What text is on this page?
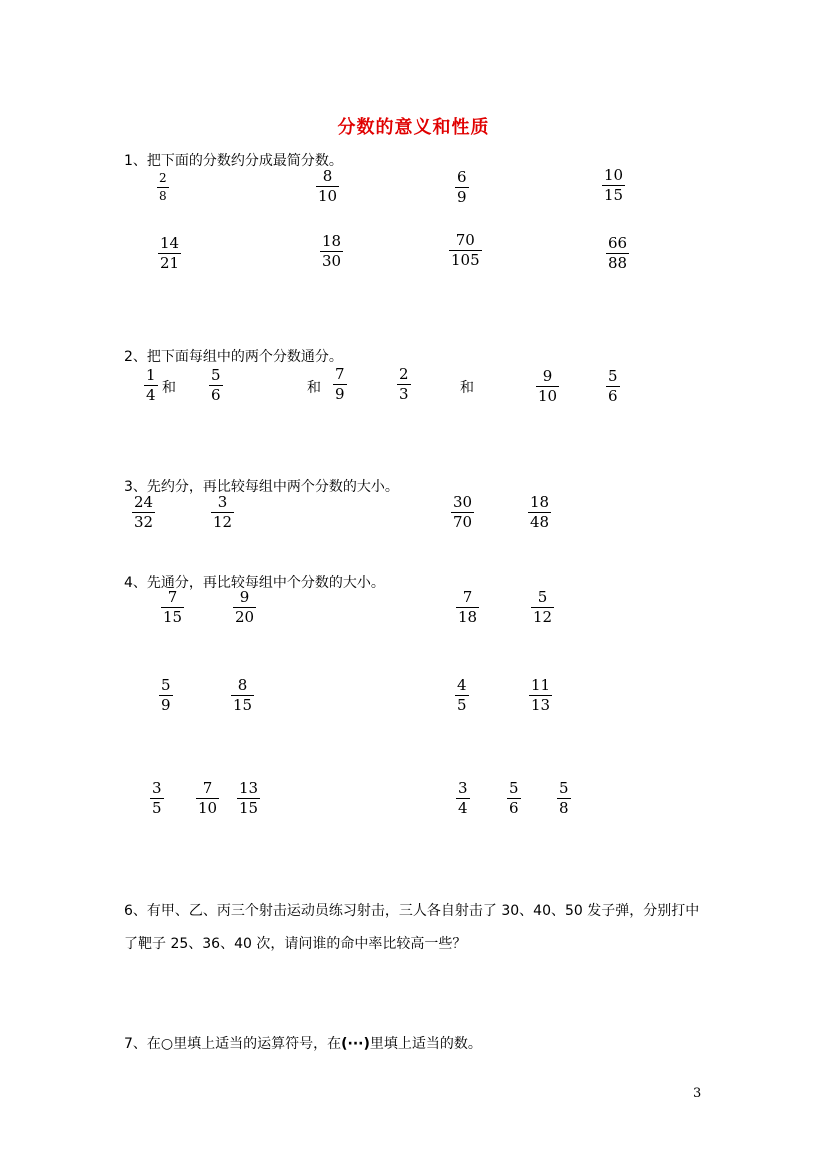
分数的意义和性质
1、把下面的分数约分成最简分数。
2
8
8
10
6
9
10
15
14
21
18
30
70
105
66
88
2、把下面每组中的两个分数通分。
1
4 和
5
6	和
7
9
2
3	和
9
10
5
6
3、先约分，再比较每组中两个分数的大小。
24
32
3
12
30
70
18
48
4、先通分，再比较每组中个分数的大小。
7
15
9
20
7
18
5
12
5
9
8
15
4
5
11
13
3
5
7
10
13
15
3
4
5
6
5
8
6、有甲、乙、丙三个射击运动员练习射击，三人各自射击了 30、40、50 发子弹，分别打中
了靶子 25、36、40 次，请问谁的命中率比较高一些？
7、在○里填上适当的运算符号，在(···)里填上适当的数。
3
